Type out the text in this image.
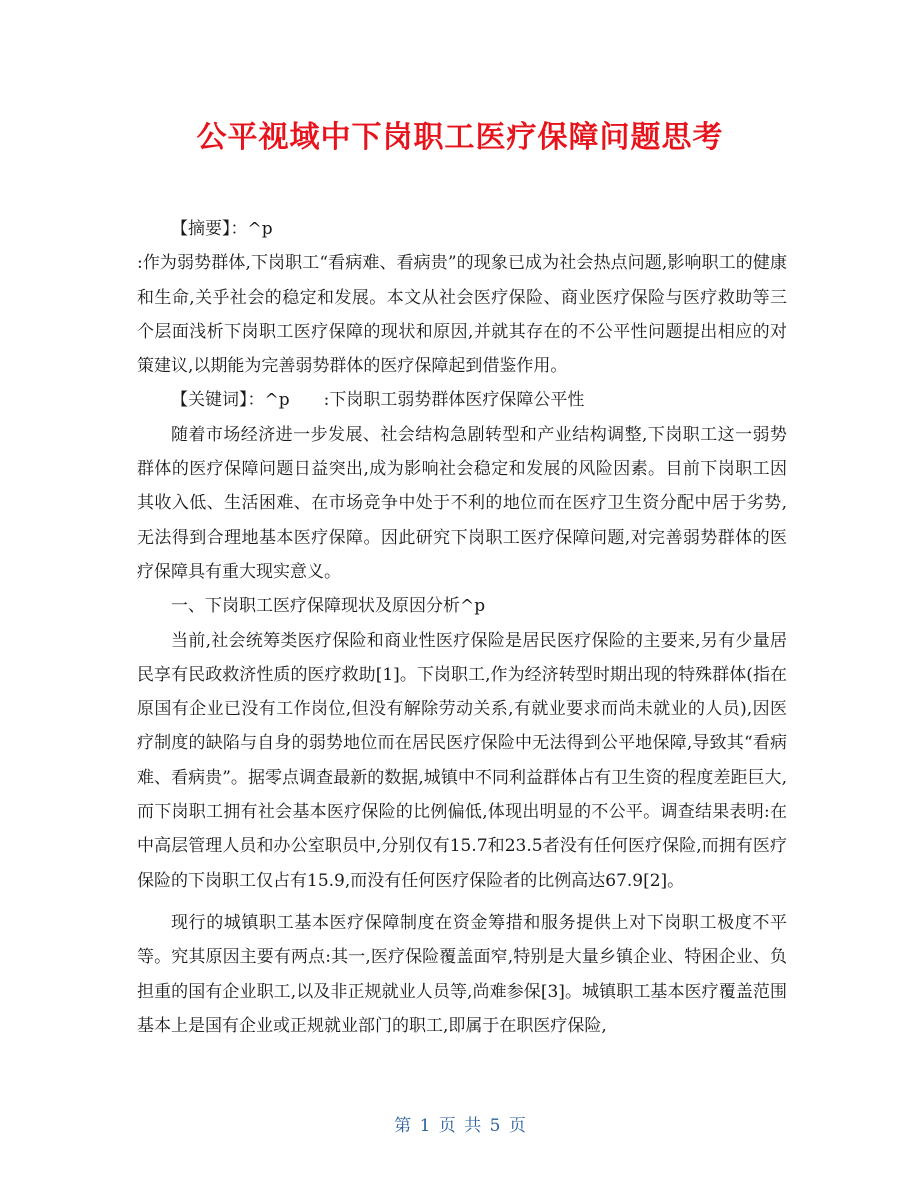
公平视域中下岗职工医疗保障问题思考

【摘要】：^p

:作为弱势群体,下岗职工“看病难、看病贵”的现象已成为社会热点问题,影响职工的健康和生命,关乎社会的稳定和发展。本文从社会医疗保险、商业医疗保险与医疗救助等三个层面浅析下岗职工医疗保障的现状和原因,并就其存在的不公平性问题提出相应的对策建议,以期能为完善弱势群体的医疗保障起到借鉴作用。

【关键词】：^p　　:下岗职工弱势群体医疗保障公平性

随着市场经济进一步发展、社会结构急剧转型和产业结构调整,下岗职工这一弱势群体的医疗保障问题日益突出,成为影响社会稳定和发展的风险因素。目前下岗职工因其收入低、生活困难、在市场竞争中处于不利的地位而在医疗卫生资分配中居于劣势,无法得到合理地基本医疗保障。因此研究下岗职工医疗保障问题,对完善弱势群体的医疗保障具有重大现实意义。

一、下岗职工医疗保障现状及原因分析^p

当前,社会统筹类医疗保险和商业性医疗保险是居民医疗保险的主要来,另有少量居民享有民政救济性质的医疗救助[1]。下岗职工,作为经济转型时期出现的特殊群体(指在原国有企业已没有工作岗位,但没有解除劳动关系,有就业要求而尚未就业的人员),因医疗制度的缺陷与自身的弱势地位而在居民医疗保险中无法得到公平地保障,导致其“看病难、看病贵”。据零点调查最新的数据,城镇中不同利益群体占有卫生资的程度差距巨大,而下岗职工拥有社会基本医疗保险的比例偏低,体现出明显的不公平。调查结果表明:在中高层管理人员和办公室职员中,分别仅有15.7和23.5者没有任何医疗保险,而拥有医疗保险的下岗职工仅占有15.9,而没有任何医疗保险者的比例高达67.9[2]。

现行的城镇职工基本医疗保障制度在资金筹措和服务提供上对下岗职工极度不平等。究其原因主要有两点:其一,医疗保险覆盖面窄,特别是大量乡镇企业、特困企业、负担重的国有企业职工,以及非正规就业人员等,尚难参保[3]。城镇职工基本医疗覆盖范围基本上是国有企业或正规就业部门的职工,即属于在职医疗保险,

第 1 页 共 5 页
